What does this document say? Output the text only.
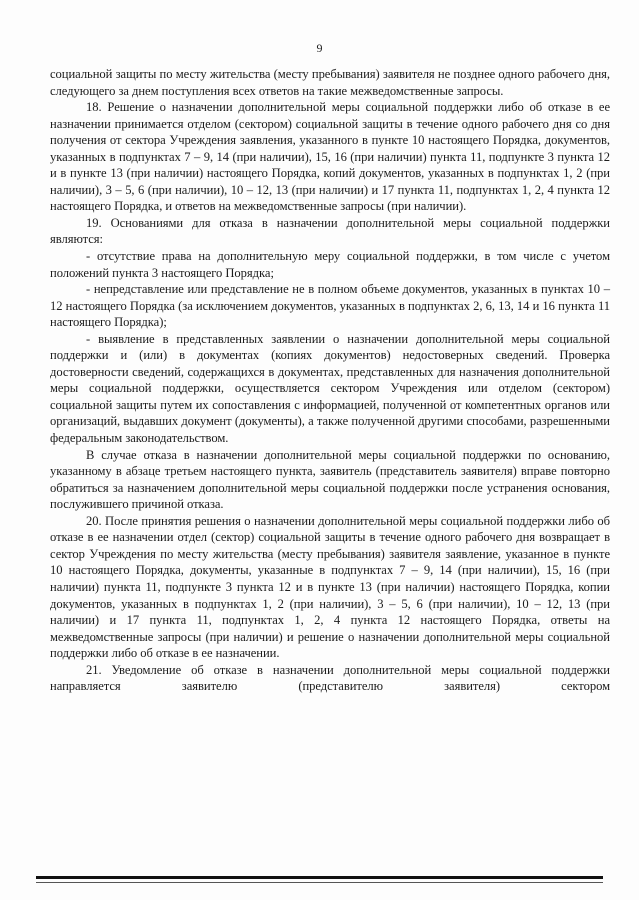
9

социальной защиты по месту жительства (месту пребывания) заявителя не позднее одного рабочего дня, следующего за днем поступления всех ответов на такие межведомственные запросы.

18. Решение о назначении дополнительной меры социальной поддержки либо об отказе в ее назначении принимается отделом (сектором) социальной защиты в течение одного рабочего дня со дня получения от сектора Учреждения заявления, указанного в пункте 10 настоящего Порядка, документов, указанных в подпунктах 7 – 9, 14 (при наличии), 15, 16 (при наличии) пункта 11, подпункте 3 пункта 12 и в пункте 13 (при наличии) настоящего Порядка, копий документов, указанных в подпунктах 1, 2 (при наличии), 3 – 5, 6 (при наличии), 10 – 12, 13 (при наличии) и 17 пункта 11, подпунктах 1, 2, 4 пункта 12 настоящего Порядка, и ответов на межведомственные запросы (при наличии).

19. Основаниями для отказа в назначении дополнительной меры социальной поддержки являются:

- отсутствие права на дополнительную меру социальной поддержки, в том числе с учетом положений пункта 3 настоящего Порядка;

- непредставление или представление не в полном объеме документов, указанных в пунктах 10 – 12 настоящего Порядка (за исключением документов, указанных в подпунктах 2, 6, 13, 14 и 16 пункта 11 настоящего Порядка);

- выявление в представленных заявлении о назначении дополнительной меры социальной поддержки и (или) в документах (копиях документов) недостоверных сведений. Проверка достоверности сведений, содержащихся в документах, представленных для назначения дополнительной меры социальной поддержки, осуществляется сектором Учреждения или отделом (сектором) социальной защиты путем их сопоставления с информацией, полученной от компетентных органов или организаций, выдавших документ (документы), а также полученной другими способами, разрешенными федеральным законодательством.

В случае отказа в назначении дополнительной меры социальной поддержки по основанию, указанному в абзаце третьем настоящего пункта, заявитель (представитель заявителя) вправе повторно обратиться за назначением дополнительной меры социальной поддержки после устранения основания, послужившего причиной отказа.

20. После принятия решения о назначении дополнительной меры социальной поддержки либо об отказе в ее назначении отдел (сектор) социальной защиты в течение одного рабочего дня возвращает в сектор Учреждения по месту жительства (месту пребывания) заявителя заявление, указанное в пункте 10 настоящего Порядка, документы, указанные в подпунктах 7 – 9, 14 (при наличии), 15, 16 (при наличии) пункта 11, подпункте 3 пункта 12 и в пункте 13 (при наличии) настоящего Порядка, копии документов, указанных в подпунктах 1, 2 (при наличии), 3 – 5, 6 (при наличии), 10 – 12, 13 (при наличии) и 17 пункта 11, подпунктах 1, 2, 4 пункта 12 настоящего Порядка, ответы на межведомственные запросы (при наличии) и решение о назначении дополнительной меры социальной поддержки либо об отказе в ее назначении.

21. Уведомление об отказе в назначении дополнительной меры социальной поддержки направляется заявителю (представителю заявителя) сектором
